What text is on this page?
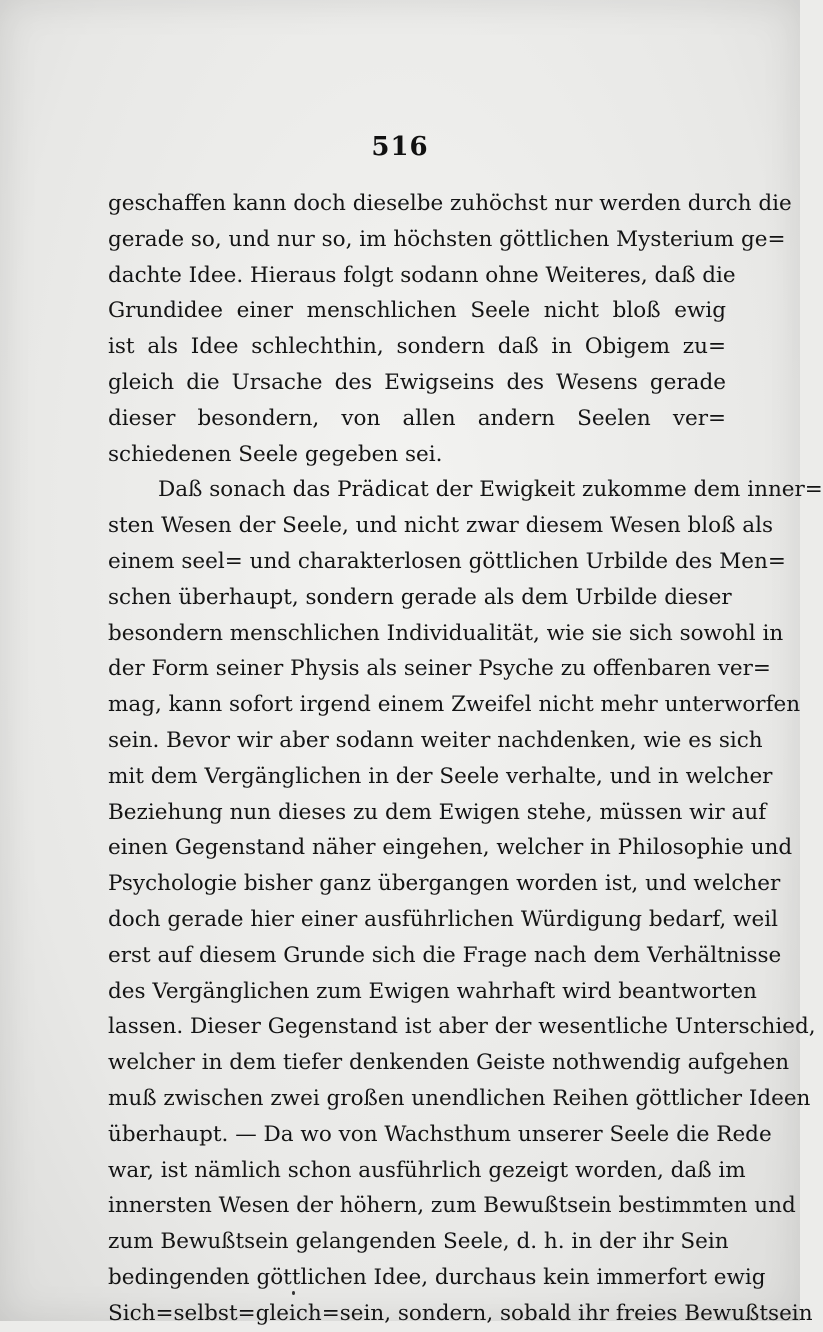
516
geschaffen kann doch dieselbe zuhöchst nur werden durch die
gerade so, und nur so, im höchsten göttlichen Mysterium ge=
dachte Idee. Hieraus folgt sodann ohne Weiteres, daß die
Grundidee einer menschlichen Seele nicht bloß ewig
ist als Idee schlechthin, sondern daß in Obigem zu=
gleich die Ursache des Ewigseins des Wesens gerade
dieser besondern, von allen andern Seelen ver=
schiedenen Seele gegeben sei.
Daß sonach das Prädicat der Ewigkeit zukomme dem inner=
sten Wesen der Seele, und nicht zwar diesem Wesen bloß als
einem seel= und charakterlosen göttlichen Urbilde des Men=
schen überhaupt, sondern gerade als dem Urbilde dieser
besondern menschlichen Individualität, wie sie sich sowohl in
der Form seiner Physis als seiner Psyche zu offenbaren ver=
mag, kann sofort irgend einem Zweifel nicht mehr unterworfen
sein. Bevor wir aber sodann weiter nachdenken, wie es sich
mit dem Vergänglichen in der Seele verhalte, und in welcher
Beziehung nun dieses zu dem Ewigen stehe, müssen wir auf
einen Gegenstand näher eingehen, welcher in Philosophie und
Psychologie bisher ganz übergangen worden ist, und welcher
doch gerade hier einer ausführlichen Würdigung bedarf, weil
erst auf diesem Grunde sich die Frage nach dem Verhältnisse
des Vergänglichen zum Ewigen wahrhaft wird beantworten
lassen. Dieser Gegenstand ist aber der wesentliche Unterschied,
welcher in dem tiefer denkenden Geiste nothwendig aufgehen
muß zwischen zwei großen unendlichen Reihen göttlicher Ideen
überhaupt. — Da wo von Wachsthum unserer Seele die Rede
war, ist nämlich schon ausführlich gezeigt worden, daß im
innersten Wesen der höhern, zum Bewußtsein bestimmten und
zum Bewußtsein gelangenden Seele, d. h. in der ihr Sein
bedingenden göttlichen Idee, durchaus kein immerfort ewig
Sich=selbst=gleich=sein, sondern, sobald ihr freies Bewußtsein
